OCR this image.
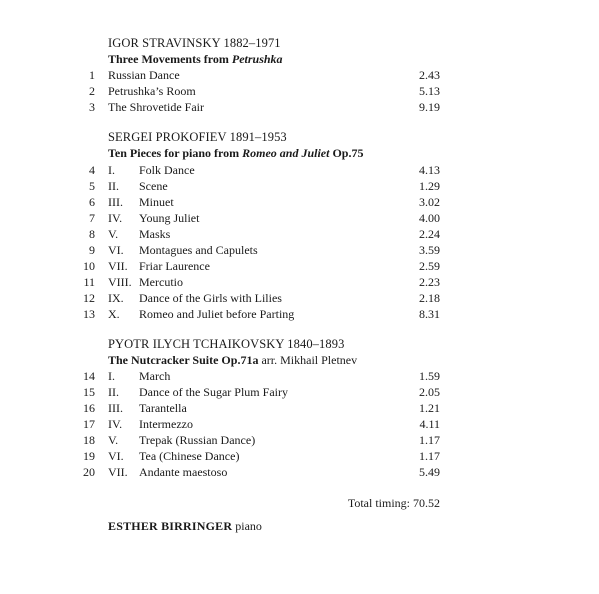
IGOR STRAVINSKY 1882–1971
Three Movements from Petrushka
1 Russian Dance	2.43
2 Petrushka’s Room	5.13
3 The Shrovetide Fair	9.19
SERGEI PROKOFIEV 1891–1953
Ten Pieces for piano from Romeo and Juliet Op.75
4 I. Folk Dance	4.13
5 II. Scene	1.29
6 III. Minuet	3.02
7 IV. Young Juliet	4.00
8 V. Masks	2.24
9 VI. Montagues and Capulets	3.59
10 VII. Friar Laurence	2.59
11 VIII. Mercutio	2.23
12 IX. Dance of the Girls with Lilies	2.18
13 X. Romeo and Juliet before Parting	8.31
PYOTR ILYCH TCHAIKOVSKY 1840–1893
The Nutcracker Suite Op.71a arr. Mikhail Pletnev
14 I. March	1.59
15 II. Dance of the Sugar Plum Fairy	2.05
16 III. Tarantella	1.21
17 IV. Intermezzo	4.11
18 V. Trepak (Russian Dance)	1.17
19 VI. Tea (Chinese Dance)	1.17
20 VII. Andante maestoso	5.49
Total timing: 70.52
ESTHER BIRRINGER piano
